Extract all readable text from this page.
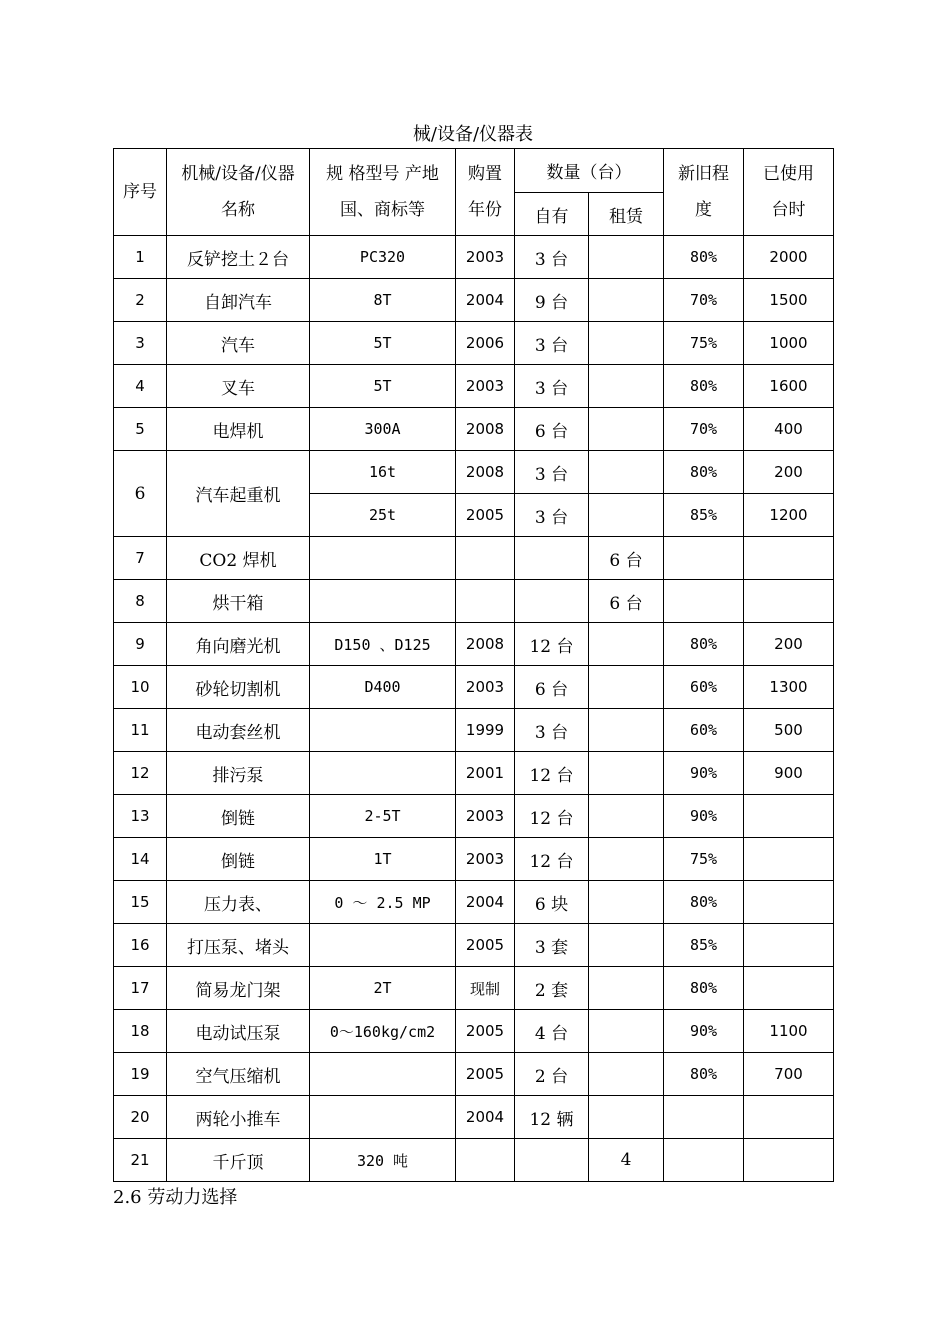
械/设备/仪器表
序号	机械/设备/仪器名称	规 格型号 产地国、商标等	购置年份	数量（台）		新旧程度	已使用台时
				自有	租赁		
1	反铲挖土２台	PC320	2003	3 台		80%	2000
2	自卸汽车	8T	2004	9 台		70%	1500
3	汽车	5T	2006	3 台		75%	1000
4	叉车	5T	2003	3 台		80%	1600
5	电焊机	300A	2008	6 台		70%	400
6	汽车起重机	16t	2008	3 台		80%	200
		25t	2005	3 台		85%	1200
7	CO2 焊机				6 台		
8	烘干箱				6 台		
9	角向磨光机	D150 、D125	2008	12 台		80%	200
10	砂轮切割机	D400	2003	6 台		60%	1300
11	电动套丝机		1999	3 台		60%	500
12	排污泵		2001	12 台		90%	900
13	倒链	2-5T	2003	12 台		90%	
14	倒链	1T	2003	12 台		75%	
15	压力表、	0 ～ 2.5 MP	2004	6 块		80%	
16	打压泵、堵头		2005	3 套		85%	
17	简易龙门架	2T	现制	2 套		80%	
18	电动试压泵	0～160kg/cm2	2005	4 台		90%	1100
19	空气压缩机		2005	2 台		80%	700
20	两轮小推车		2004	12 辆			
21	千斤顶	320 吨			4		
2.6 劳动力选择
